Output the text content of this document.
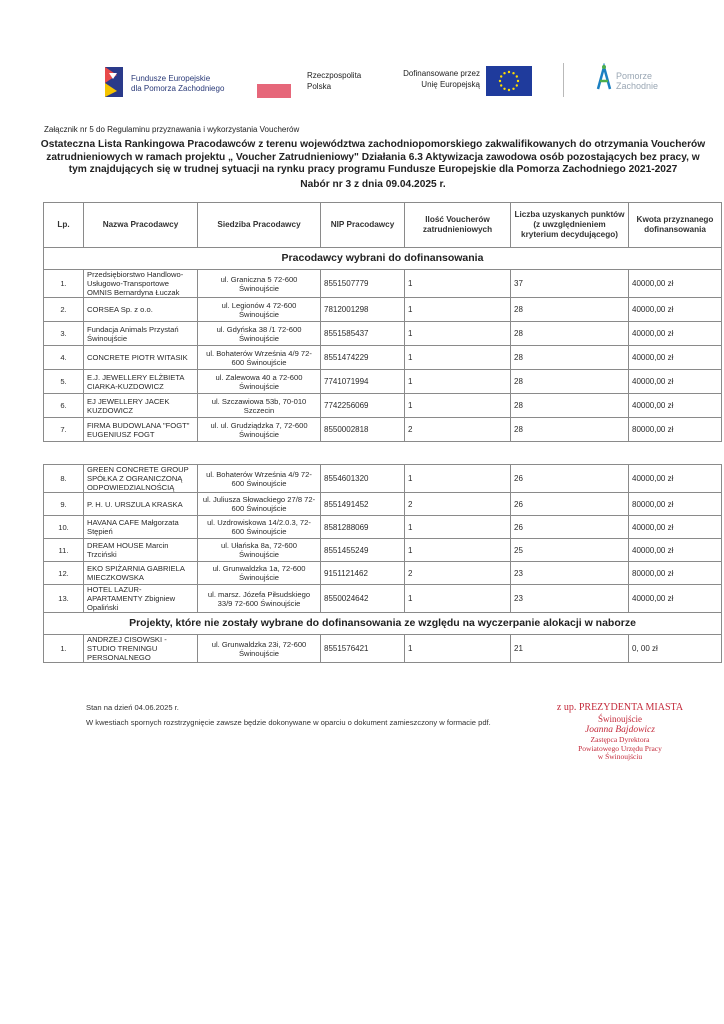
Fundusze Europejskie
dla Pomorza Zachodniego
Rzeczpospolita
Polska
Dofinansowane przez
Unię Europejską
Pomorze
Zachodnie
Załącznik nr 5 do Regulaminu przyznawania i wykorzystania Voucherów
Ostateczna Lista Rankingowa Pracodawców z terenu województwa zachodniopomorskiego zakwalifikowanych do otrzymania Voucherów zatrudnieniowych w ramach projektu „ Voucher Zatrudnieniowy" Działania 6.3 Aktywizacja zawodowa osób pozostających bez pracy, w tym znajdujących się w trudnej sytuacji na rynku pracy programu Fundusze Europejskie dla Pomorza Zachodniego 2021-2027
Nabór nr 3 z dnia 09.04.2025 r.
Lp.	Nazwa Pracodawcy	Siedziba Pracodawcy	NIP Pracodawcy	Ilość Voucherów zatrudnieniowych	Liczba uzyskanych punktów (z uwzględnieniem kryterium decydującego)	Kwota przyznanego dofinansowania
Pracodawcy wybrani do dofinansowania						
1.	Przedsiębiorstwo Handlowo-Usługowo-Transportowe OMNIS Bernardyna Łuczak	ul. Graniczna 5 72-600 Świnoujście	8551507779	1	37	40000,00 zł
2.	CORSEA Sp. z o.o.	ul. Legionów 4 72-600 Świnoujście	7812001298	1	28	40000,00 zł
3.	Fundacja Animals Przystań Świnoujście	ul. Gdyńska 38 /1 72-600 Świnoujście	8551585437	1	28	40000,00 zł
4.	CONCRETE PIOTR WITASIK	ul. Bohaterów Września 4/9 72-600 Świnoujście	8551474229	1	28	40000,00 zł
5.	E.J. JEWELLERY ELŻBIETA CIARKA-KUZDOWICZ	ul. Zalewowa 40 a 72-600 Świnoujście	7741071994	1	28	40000,00 zł
6.	EJ JEWELLERY JACEK KUZDOWICZ	ul. Szczawiowa 53b, 70-010 Szczecin	7742256069	1	28	40000,00 zł
7.	FIRMA BUDOWLANA "FOGT" EUGENIUSZ FOGT	ul. ul. Grudziądzka 7, 72-600 Świnoujście	8550002818	2	28	80000,00 zł
8.	GREEN CONCRETE GROUP SPÓŁKA Z OGRANICZONĄ ODPOWIEDZIALNOŚCIĄ	ul. Bohaterów Września 4/9 72-600 Świnoujście	8554601320	1	26	40000,00 zł
9.	P. H. U. URSZULA KRASKA	ul. Juliusza Słowackiego 27/8 72-600 Świnoujście	8551491452	2	26	80000,00 zł
10.	HAVANA CAFE Małgorzata Stępień	ul. Uzdrowiskowa 14/2.0.3, 72-600 Świnoujście	8581288069	1	26	40000,00 zł
11.	DREAM HOUSE Marcin Trzciński	ul. Ułańska 8a, 72-600 Świnoujście	8551455249	1	25	40000,00 zł
12.	EKO SPIŻARNIA GABRIELA MIECZKOWSKA	ul. Grunwaldzka 1a, 72-600 Świnoujście	9151121462	2	23	80000,00 zł
13.	HOTEL LAZUR-APARTAMENTY Zbigniew Opaliński	ul. marsz. Józefa Piłsudskiego 33/9 72-600 Świnoujście	8550024642	1	23	40000,00 zł
Projekty, które nie zostały wybrane do dofinansowania ze względu na wyczerpanie alokacji w naborze						
1.	ANDRZEJ CISOWSKI - STUDIO TRENINGU PERSONALNEGO	ul. Grunwaldzka 23i, 72-600 Świnoujście	8551576421	1	21	0, 00 zł
Stan na dzień 04.06.2025 r.
W kwestiach spornych rozstrzygnięcie zawsze będzie dokonywane w oparciu o dokument zamieszczony w formacie pdf.
z up. PREZYDENTA MIASTA
Świnoujście
Joanna Bajdowicz
Zastępca Dyrektora
Powiatowego Urzędu Pracy
w Świnoujściu
